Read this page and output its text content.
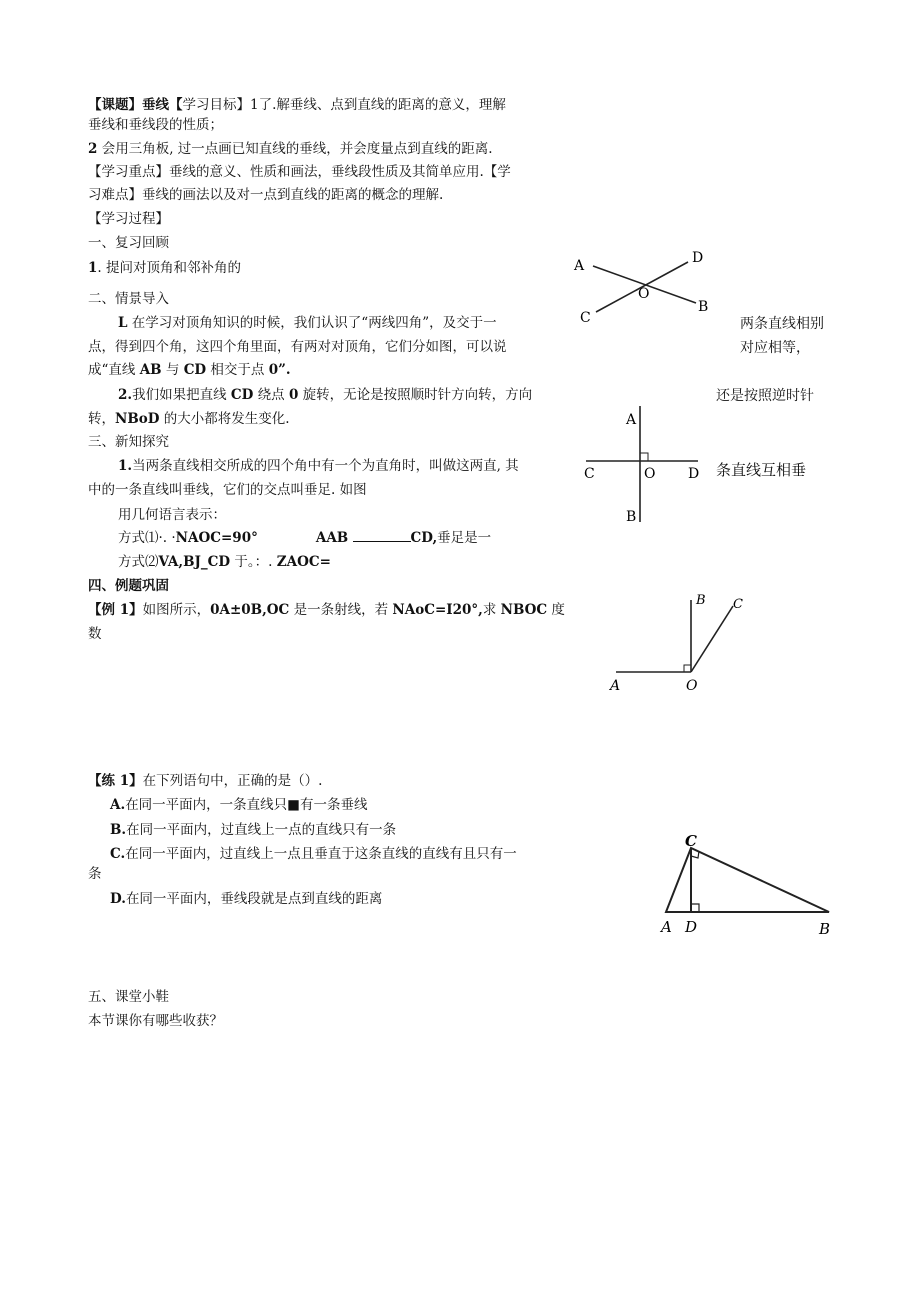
【课题】垂线【学习目标】1了.解垂线、点到直线的距离的意义，理解
垂线和垂线段的性质；
2 会用三角板, 过一点画已知直线的垂线，并会度量点到直线的距离.
【学习重点】垂线的意义、性质和画法，垂线段性质及其简单应用.【学
习难点】垂线的画法以及对一点到直线的距离的概念的理解.
【学习过程】
一、复习回顾
1. 提问对顶角和邻补角的
二、情景导入
L 在学习对顶角知识的时候，我们认识了“两线四角”，及交于一
点，得到四个角，这四个角里面，有两对对顶角，它们分如图，可以说
成“直线 AB 与 CD 相交于点 0”.
2.我们如果把直线 CD 绕点 0 旋转，无论是按照顺时针方向转，方向
转，NBoD 的大小都将发生变化.
三、新知探究
1.当两条直线相交所成的四个角中有一个为直角时，叫做这两直, 其
中的一条直线叫垂线，它们的交点叫垂足. 如图
用几何语言表示：
方式⑴·. ·NAOC=90°	AAB	CD,垂足是一
方式⑵VA,BJ_CD 于。：. ZAOC=
四、例题巩固
【例 1】如图所示，0A±0B,OC 是一条射线，若 NAoC=I20°,求 NBOC 度
数
【练 1】在下列语句中，正确的是（）.
A.在同一平面内，一条直线只■有一条垂线
B.在同一平面内，过直线上一点的直线只有一条
C.在同一平面内，过直线上一点且垂直于这条直线的直线有且只有一
条
D.在同一平面内，垂线段就是点到直线的距离
五、课堂小鞋
本节课你有哪些收获？
两条直线相别
对应相等，
还是按照逆时针
条直线互相垂
A	D
O
B
C
A
C	O D
B
B C
A	O
C
A D	B
